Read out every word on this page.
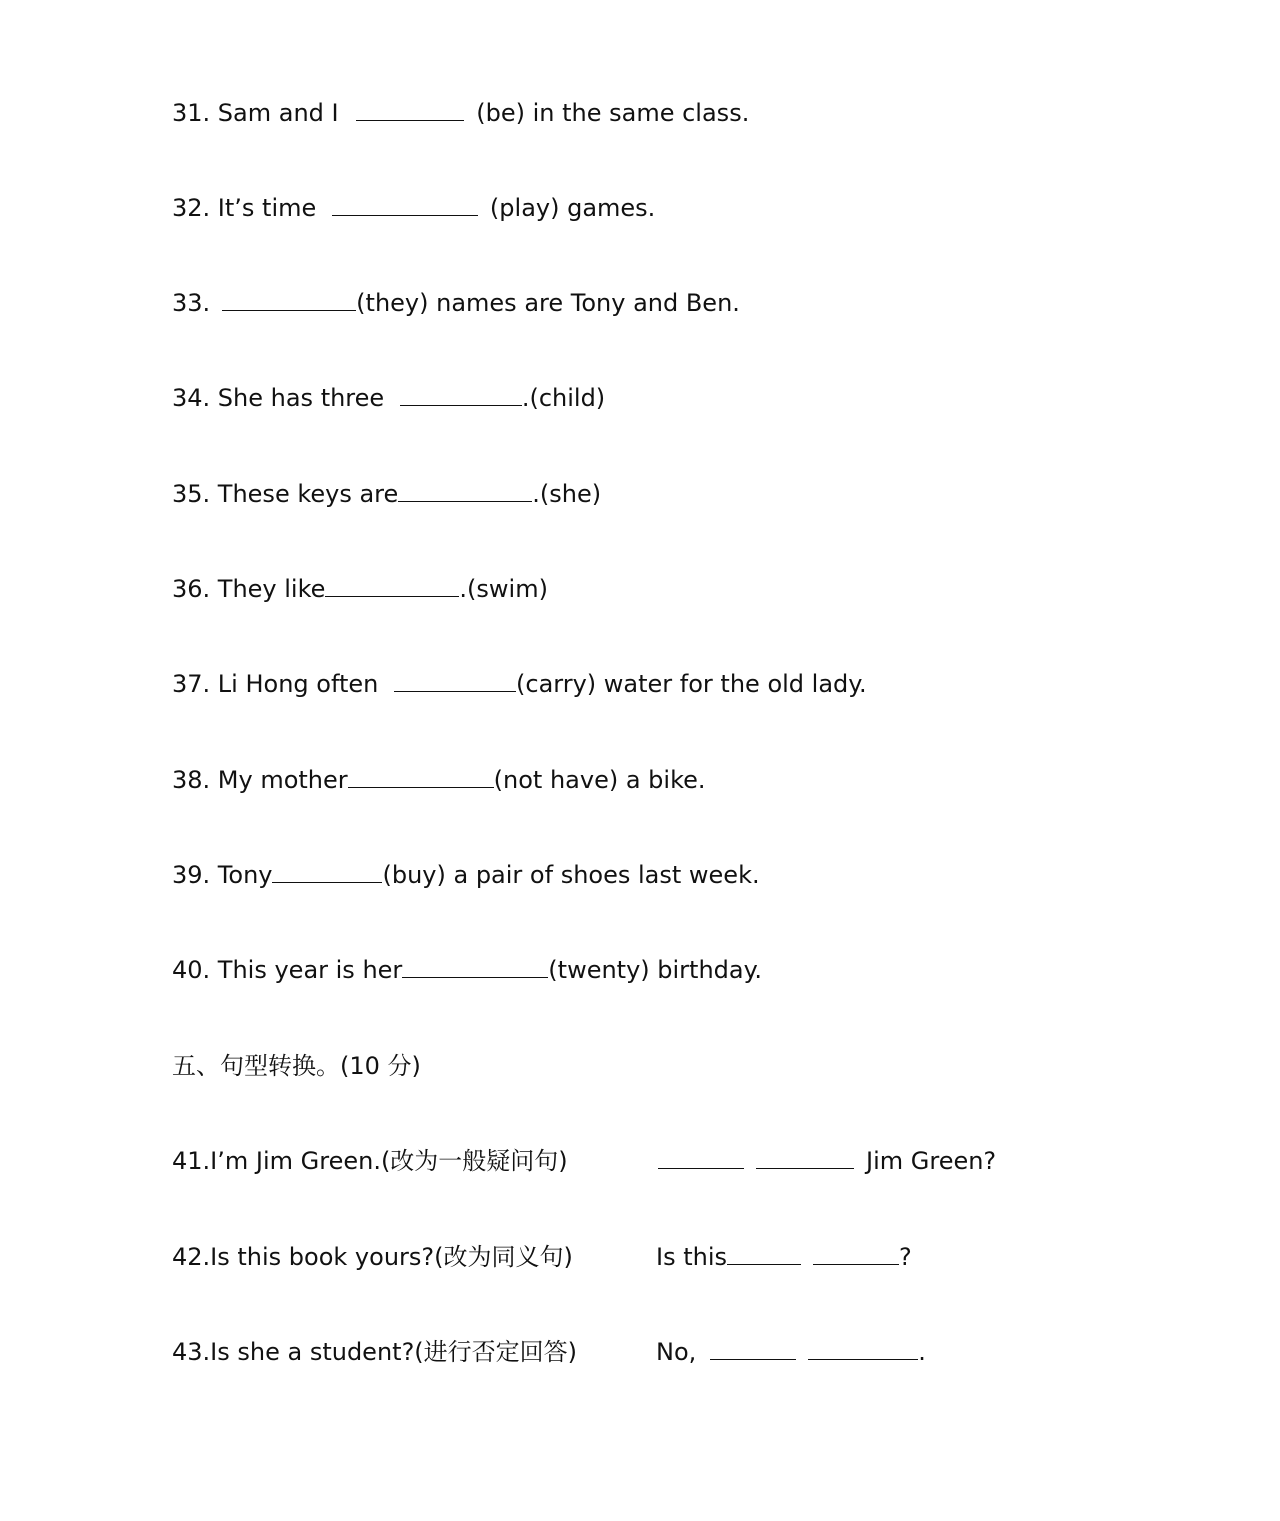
31. Sam and I	(be) in the same class.
32. It’s time	(play) games.
33.	(they) names are Tony and Ben.
34. She has three	.(child)
35. These keys are	.(she)
36. They like	.(swim)
37. Li Hong often	(carry) water for the old lady.
38. My mother	(not have) a bike.
39. Tony	(buy) a pair of shoes last week.
40. This year is her	(twenty) birthday.
五、句型转换。(10 分)
41.I’m Jim Green.(改为一般疑问句)	Jim Green?
42.Is this book yours?(改为同义句)	Is this	?
43.Is she a student?(进行否定回答)	No,	.
